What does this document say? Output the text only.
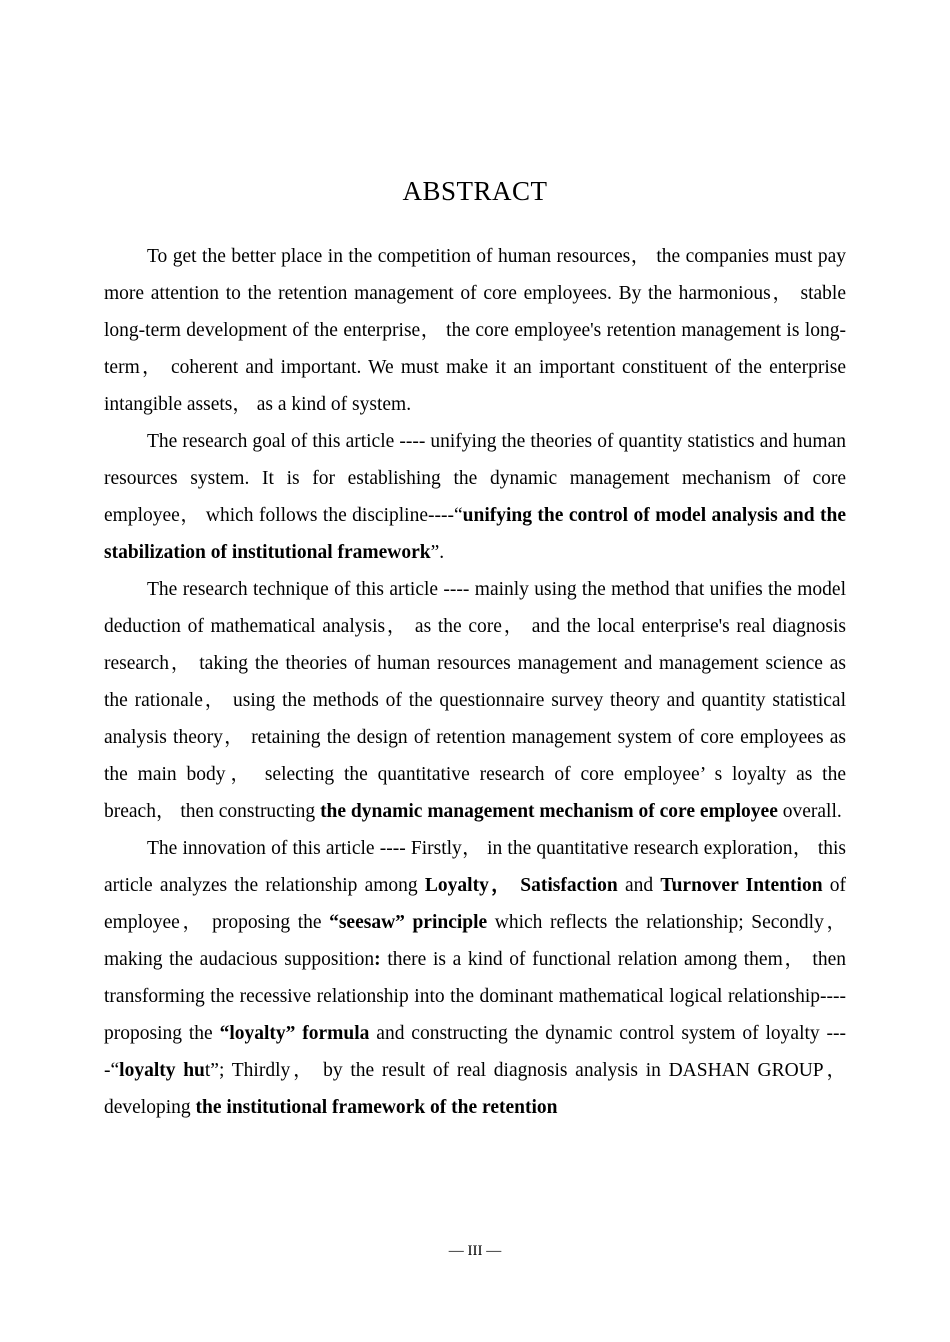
ABSTRACT

To get the better place in the competition of human resources， the companies must pay more attention to the retention management of core employees. By the harmonious， stable long-term development of the enterprise， the core employee's retention management is long-term， coherent and important. We must make it an important constituent of the enterprise intangible assets， as a kind of system.

The research goal of this article ---- unifying the theories of quantity statistics and human resources system. It is for establishing the dynamic management mechanism of core employee， which follows the discipline----“unifying the control of model analysis and the stabilization of institutional framework”.

The research technique of this article ---- mainly using the method that unifies the model deduction of mathematical analysis， as the core， and the local enterprise's real diagnosis research， taking the theories of human resources management and management science as the rationale， using the methods of the questionnaire survey theory and quantity statistical analysis theory， retaining the design of retention management system of core employees as the main body， selecting the quantitative research of core employee’ s loyalty as the breach， then constructing the dynamic management mechanism of core employee overall.

The innovation of this article ---- Firstly， in the quantitative research exploration， this article analyzes the relationship among Loyalty， Satisfaction and Turnover Intention of employee， proposing the “seesaw” principle which reflects the relationship; Secondly， making the audacious supposition: there is a kind of functional relation among them， then transforming the recessive relationship into the dominant mathematical logical relationship----proposing the “loyalty” formula and constructing the dynamic control system of loyalty ----“loyalty hut”; Thirdly， by the result of real diagnosis analysis in DASHAN GROUP， developing the institutional framework of the retention

— III —
